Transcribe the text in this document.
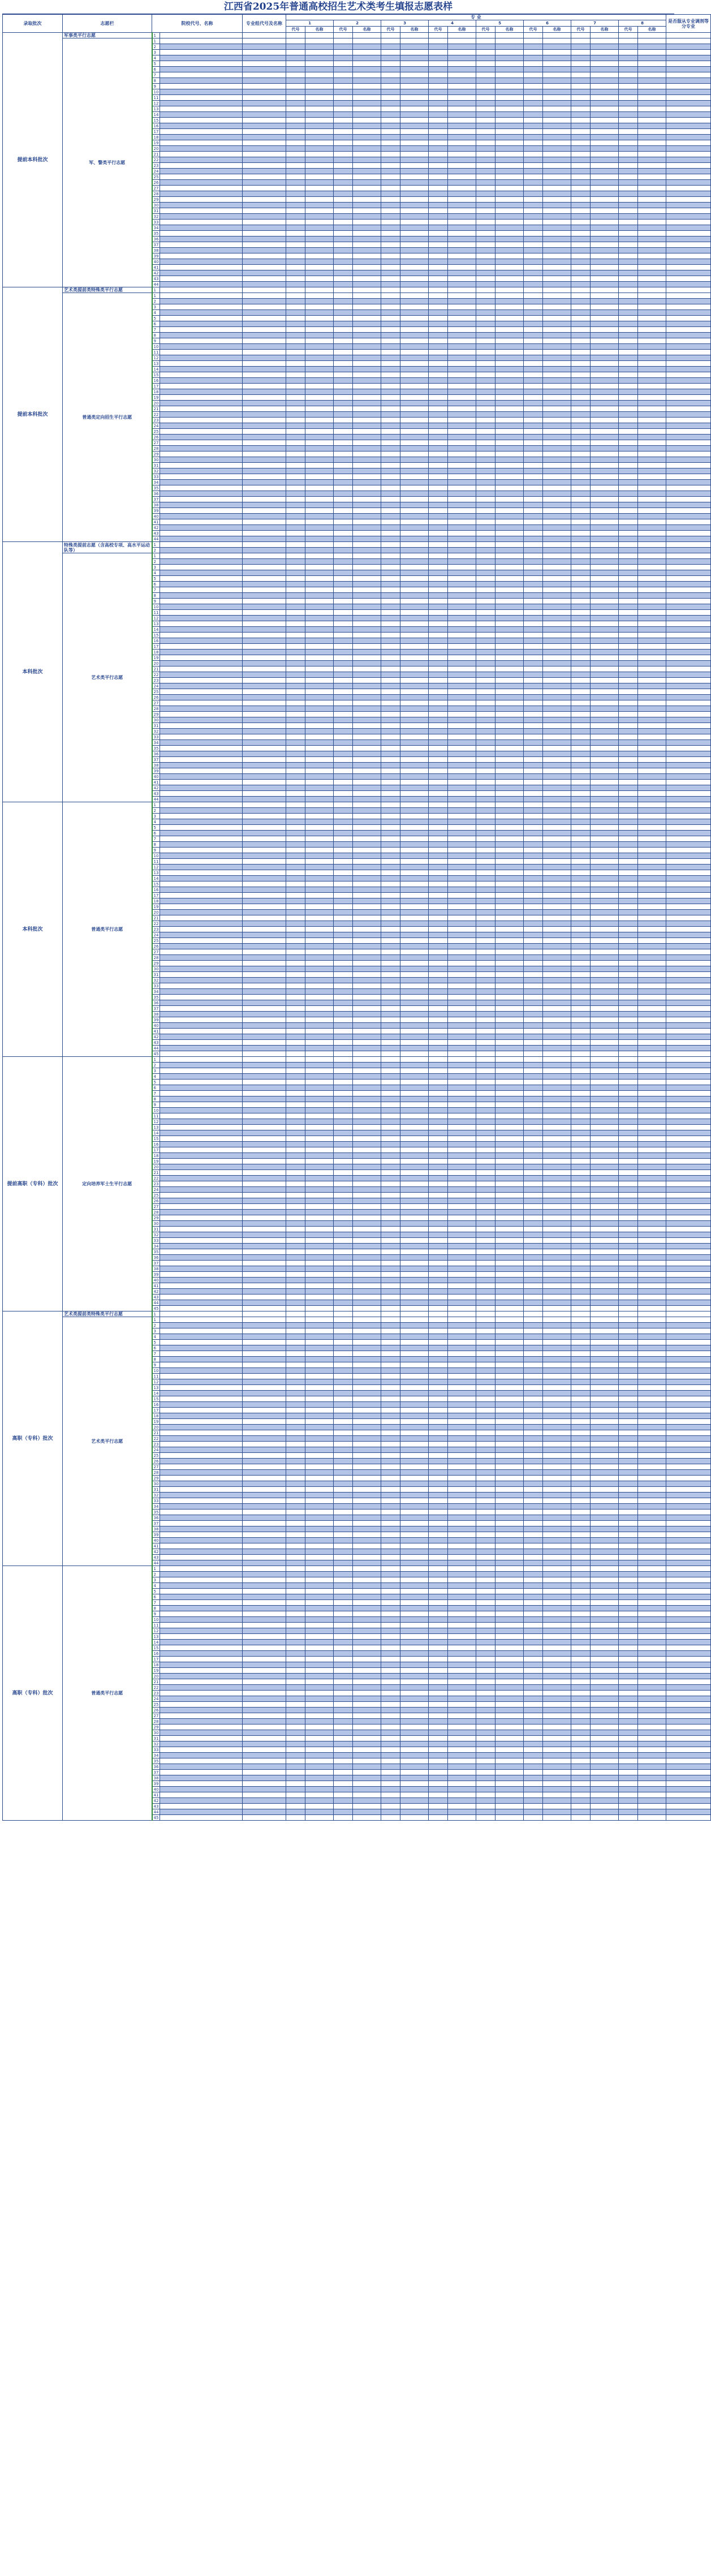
江西省2025年普通高校招生艺术类考生填报志愿表样
录取批次	志愿栏	院校代号、名称		专业组代号及名称	专 业																是否服从专业调剂等分专业
					1		2		3		4		5		6		7		8		
					代号	名称	代号	名称	代号	名称	代号	名称	代号	名称	代号	名称	代号	名称	代号	名称	
提前本科批次	军事类平行志愿	1																			
	军、警类平行志愿	1																			
		2																			
		3																			
		4																			
		5																			
		6																			
		7																			
		8																			
		9																			
		10																			
		11																			
		12																			
		13																			
		14																			
		15																			
		16																			
		17																			
		18																			
		19																			
		20																			
		21																			
		22																			
		23																			
		24																			
		25																			
		26																			
		27																			
		28																			
		29																			
		30																			
		31																			
		32																			
		33																			
		34																			
		35																			
		36																			
		37																			
		38																			
		39																			
		40																			
		41																			
		42																			
		43																			
		44																			
提前本科批次	艺术类提前类特殊类平行志愿	1																			
	普通类定向招生平行志愿	1																			
		2																			
		3																			
		4																			
		5																			
		6																			
		7																			
		8																			
		9																			
		10																			
		11																			
		12																			
		13																			
		14																			
		15																			
		16																			
		17																			
		18																			
		19																			
		20																			
		21																			
		22																			
		23																			
		24																			
		25																			
		26																			
		27																			
		28																			
		29																			
		30																			
		31																			
		32																			
		33																			
		34																			
		35																			
		36																			
		37																			
		38																			
		39																			
		40																			
		41																			
		42																			
		43																			
		44																			
本科批次	特殊类提前志愿（含高校专项、高水平运动队等）	1																			
		2																			
	艺术类平行志愿	1																			
		2																			
		3																			
		4																			
		5																			
		6																			
		7																			
		8																			
		9																			
		10																			
		11																			
		12																			
		13																			
		14																			
		15																			
		16																			
		17																			
		18																			
		19																			
		20																			
		21																			
		22																			
		23																			
		24																			
		25																			
		26																			
		27																			
		28																			
		29																			
		30																			
		31																			
		32																			
		33																			
		34																			
		35																			
		36																			
		37																			
		38																			
		39																			
		40																			
		41																			
		42																			
		43																			
		44																			
本科批次	普通类平行志愿	1																			
		2																			
		3																			
		4																			
		5																			
		6																			
		7																			
		8																			
		9																			
		10																			
		11																			
		12																			
		13																			
		14																			
		15																			
		16																			
		17																			
		18																			
		19																			
		20																			
		21																			
		22																			
		23																			
		24																			
		25																			
		26																			
		27																			
		28																			
		29																			
		30																			
		31																			
		32																			
		33																			
		34																			
		35																			
		36																			
		37																			
		38																			
		39																			
		40																			
		41																			
		42																			
		43																			
		44																			
		45																			
提前高职（专科）批次	定向培养军士生平行志愿	1																			
		2																			
		3																			
		4																			
		5																			
		6																			
		7																			
		8																			
		9																			
		10																			
		11																			
		12																			
		13																			
		14																			
		15																			
		16																			
		17																			
		18																			
		19																			
		20																			
		21																			
		22																			
		23																			
		24																			
		25																			
		26																			
		27																			
		28																			
		29																			
		30																			
		31																			
		32																			
		33																			
		34																			
		35																			
		36																			
		37																			
		38																			
		39																			
		40																			
		41																			
		42																			
		43																			
		44																			
		45																			
高职（专科）批次	艺术类提前类特殊类平行志愿	1																			
	艺术类平行志愿	1																			
		2																			
		3																			
		4																			
		5																			
		6																			
		7																			
		8																			
		9																			
		10																			
		11																			
		12																			
		13																			
		14																			
		15																			
		16																			
		17																			
		18																			
		19																			
		20																			
		21																			
		22																			
		23																			
		24																			
		25																			
		26																			
		27																			
		28																			
		29																			
		30																			
		31																			
		32																			
		33																			
		34																			
		35																			
		36																			
		37																			
		38																			
		39																			
		40																			
		41																			
		42																			
		43																			
		44																			
高职（专科）批次	普通类平行志愿	1																			
		2																			
		3																			
		4																			
		5																			
		6																			
		7																			
		8																			
		9																			
		10																			
		11																			
		12																			
		13																			
		14																			
		15																			
		16																			
		17																			
		18																			
		19																			
		20																			
		21																			
		22																			
		23																			
		24																			
		25																			
		26																			
		27																			
		28																			
		29																			
		30																			
		31																			
		32																			
		33																			
		34																			
		35																			
		36																			
		37																			
		38																			
		39																			
		40																			
		41																			
		42																			
		43																			
		44																			
		45																			
